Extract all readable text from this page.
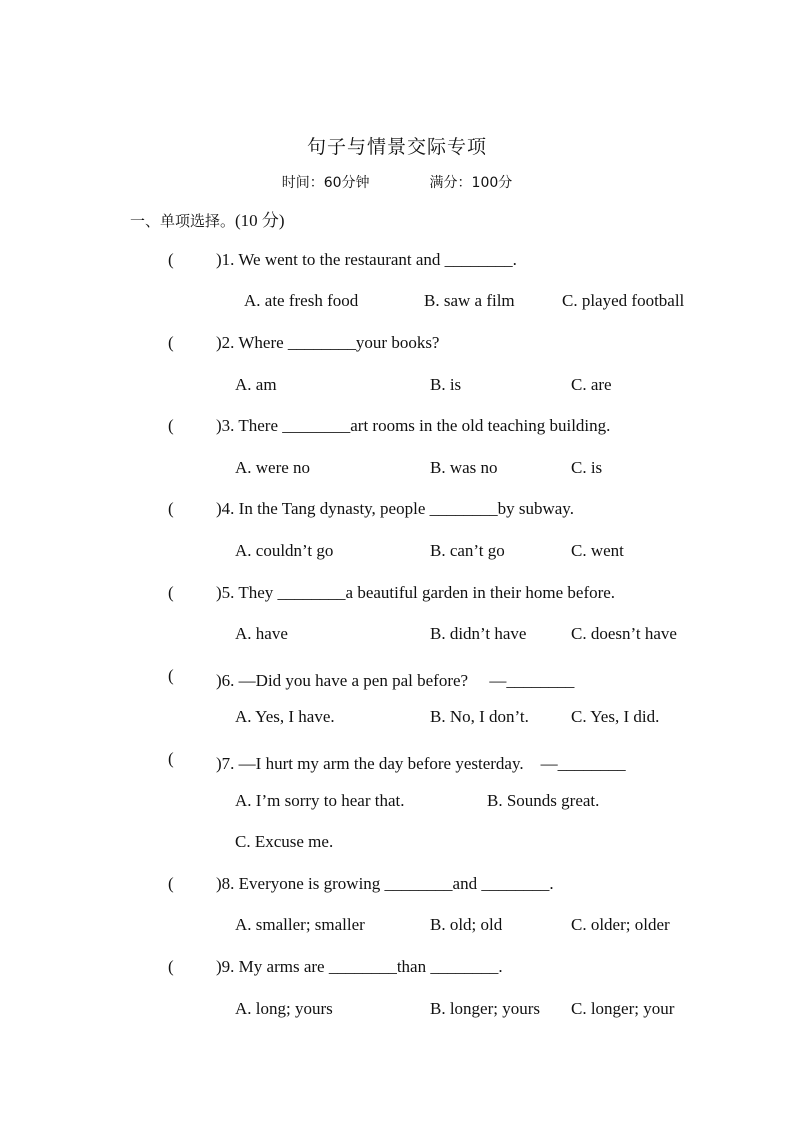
句子与情景交际专项
时间：60分钟	满分：100分
一、单项选择。(10 分)
( )1. We went to the restaurant and ________.
A. ate fresh food	B. saw a film	C. played football
( )2. Where ________your books?
A. am	B. is	C. are
( )3. There ________art rooms in the old teaching building.
A. were no	B. was no	C. is
( )4. In the Tang dynasty, people ________by subway.
A. couldn’t go	B. can’t go	C. went
( )5. They ________a beautiful garden in their home before.
A. have	B. didn’t have	C. doesn’t have
( )6. —Did you have a pen pal before?　 —________
A. Yes, I have.	B. No, I don’t. C. Yes, I did.
( )7. —I hurt my arm the day before yesterday.　—________
A. I’m sorry to hear that.	B. Sounds great.
C. Excuse me.
( )8. Everyone is growing ________and ________.
A. smaller; smaller	B. old; old	C. older; older
( )9. My arms are ________than ________.
A. long; yours	B. longer; yours C. longer; your
